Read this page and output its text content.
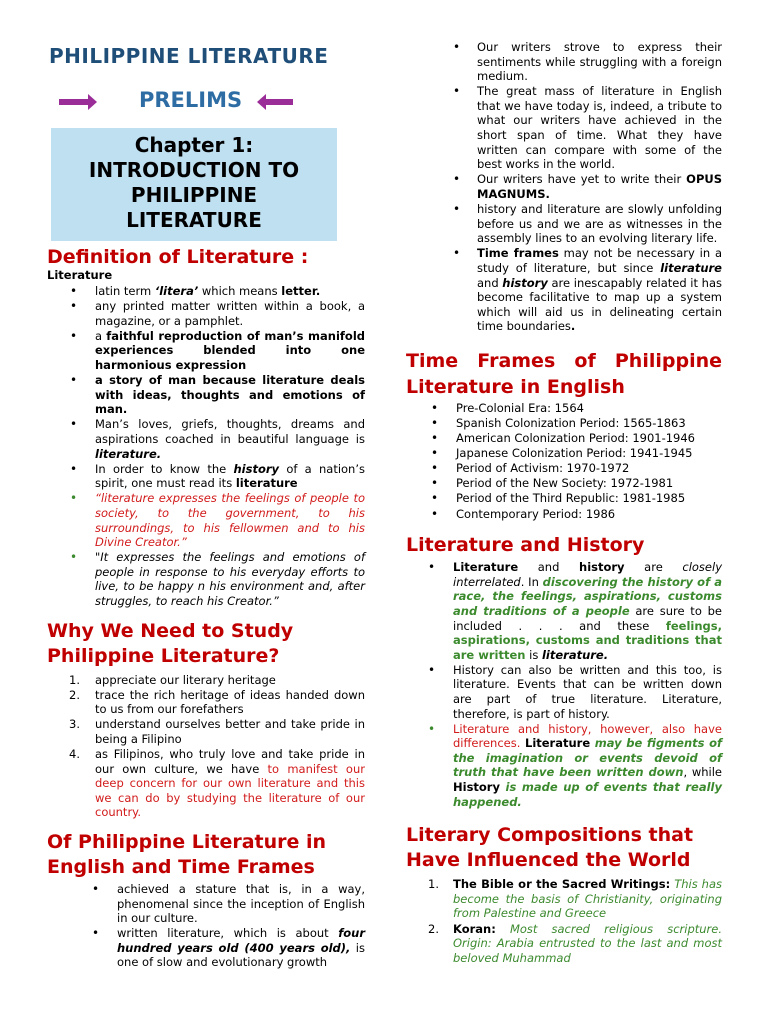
PHILIPPINE LITERATURE
PRELIMS
Chapter 1:
INTRODUCTION TO
PHILIPPINE
LITERATURE
Definition of Literature :

Literature

• latin term ‘litera’ which means letter.
• any printed matter written within a book, a magazine, or a pamphlet.
• a faithful reproduction of man’s manifold experiences blended into one harmonious expression
• a story of man because literature deals with ideas, thoughts and emotions of man.
• Man’s loves, griefs, thoughts, dreams and aspirations coached in beautiful language is literature.
• In order to know the history of a nation’s spirit, one must read its literature
• “literature expresses the feelings of people to society, to the government, to his surroundings, to his fellowmen and to his Divine Creator.”
• "It expresses the feelings and emotions of people in response to his everyday efforts to live, to be happy n his environment and, after struggles, to reach his Creator.”
Why We Need to Study Philippine Literature?
1. appreciate our literary heritage
2. trace the rich heritage of ideas handed down to us from our forefathers
3. understand ourselves better and take pride in being a Filipino
4. as Filipinos, who truly love and take pride in our own culture, we have to manifest our deep concern for our own literature and this we can do by studying the literature of our country.
Of Philippine Literature in English and Time Frames
• achieved a stature that is, in a way, phenomenal since the inception of English in our culture.
• written literature, which is about four hundred years old (400 years old), is one of slow and evolutionary growth
• Our writers strove to express their sentiments while struggling with a foreign medium.
• The great mass of literature in English that we have today is, indeed, a tribute to what our writers have achieved in the short span of time. What they have written can compare with some of the best works in the world.
• Our writers have yet to write their OPUS MAGNUMS.
• history and literature are slowly unfolding before us and we are as witnesses in the assembly lines to an evolving literary life.
• Time frames may not be necessary in a study of literature, but since literature and history are inescapably related it has become facilitative to map up a system which will aid us in delineating certain time boundaries.
Time Frames of Philippine Literature in English
• Pre-Colonial Era: 1564
• Spanish Colonization Period: 1565-1863
• American Colonization Period: 1901-1946
• Japanese Colonization Period: 1941-1945
• Period of Activism: 1970-1972
• Period of the New Society: 1972-1981
• Period of the Third Republic: 1981-1985
• Contemporary Period: 1986
Literature and History
• Literature and history are closely interrelated. In discovering the history of a race, the feelings, aspirations, customs and traditions of a people are sure to be included . . . and these feelings, aspirations, customs and traditions that are written is literature.
• History can also be written and this too, is literature. Events that can be written down are part of true literature. Literature, therefore, is part of history.
• Literature and history, however, also have differences. Literature may be figments of the imagination or events devoid of truth that have been written down, while History is made up of events that really happened.
Literary Compositions that Have Influenced the World
1. The Bible or the Sacred Writings: This has become the basis of Christianity, originating from Palestine and Greece
2. Koran: Most sacred religious scripture. Origin: Arabia entrusted to the last and most beloved Muhammad
